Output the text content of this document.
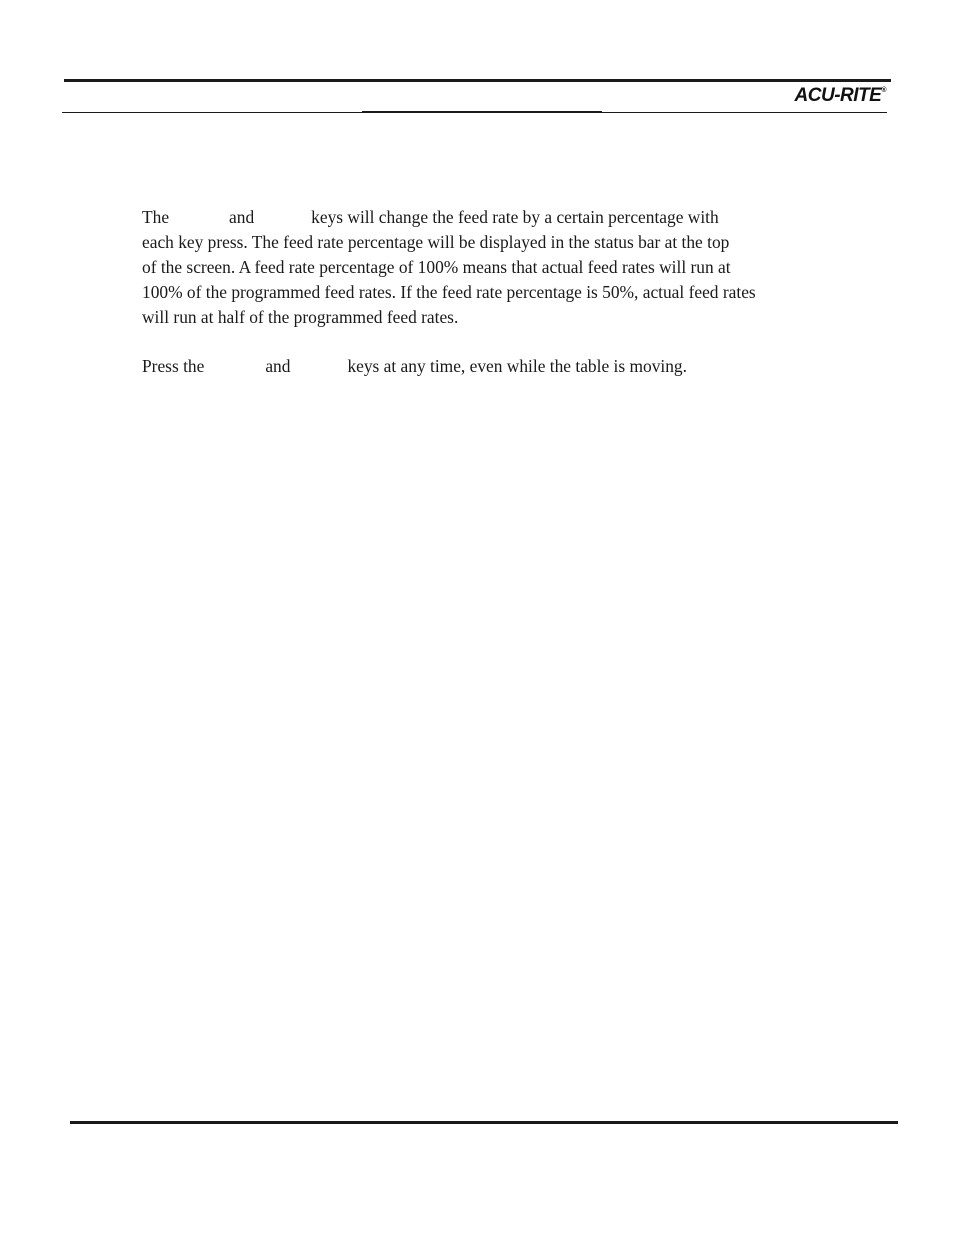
ACU-RITE®

The	and	keys will change the feed rate by a certain percentage with
each key press. The feed rate percentage will be displayed in the status bar at the top
of the screen. A feed rate percentage of 100% means that actual feed rates will run at
100% of the programmed feed rates. If the feed rate percentage is 50%, actual feed rates
will run at half of the programmed feed rates.

Press the	and	keys at any time, even while the table is moving.
